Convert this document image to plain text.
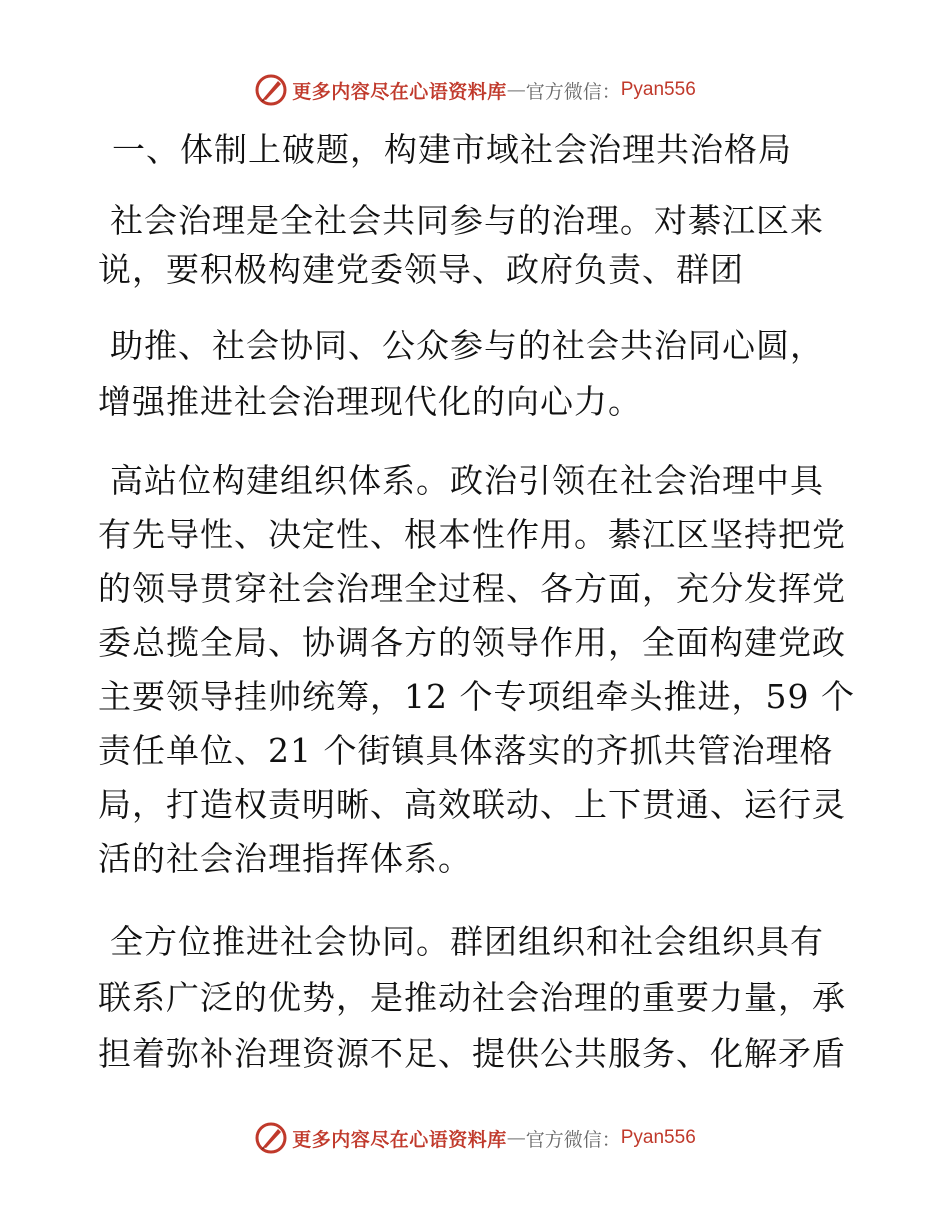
更多内容尽在心语资料库 — 官方微信： Pyan556
一、体制上破题，构建市域社会治理共治格局
社会治理是全社会共同参与的治理。对綦江区来
说，要积极构建党委领导、政府负责、群团
助推、社会协同、公众参与的社会共治同心圆，
增强推进社会治理现代化的向心力。
高站位构建组织体系。政治引领在社会治理中具
有先导性、决定性、根本性作用。綦江区坚持把党
的领导贯穿社会治理全过程、各方面，充分发挥党
委总揽全局、协调各方的领导作用，全面构建党政
主要领导挂帅统筹，12 个专项组牵头推进，59 个
责任单位、21 个街镇具体落实的齐抓共管治理格
局，打造权责明晰、高效联动、上下贯通、运行灵
活的社会治理指挥体系。
全方位推进社会协同。群团组织和社会组织具有
联系广泛的优势，是推动社会治理的重要力量，承
担着弥补治理资源不足、提供公共服务、化解矛盾
更多内容尽在心语资料库 — 官方微信： Pyan556
